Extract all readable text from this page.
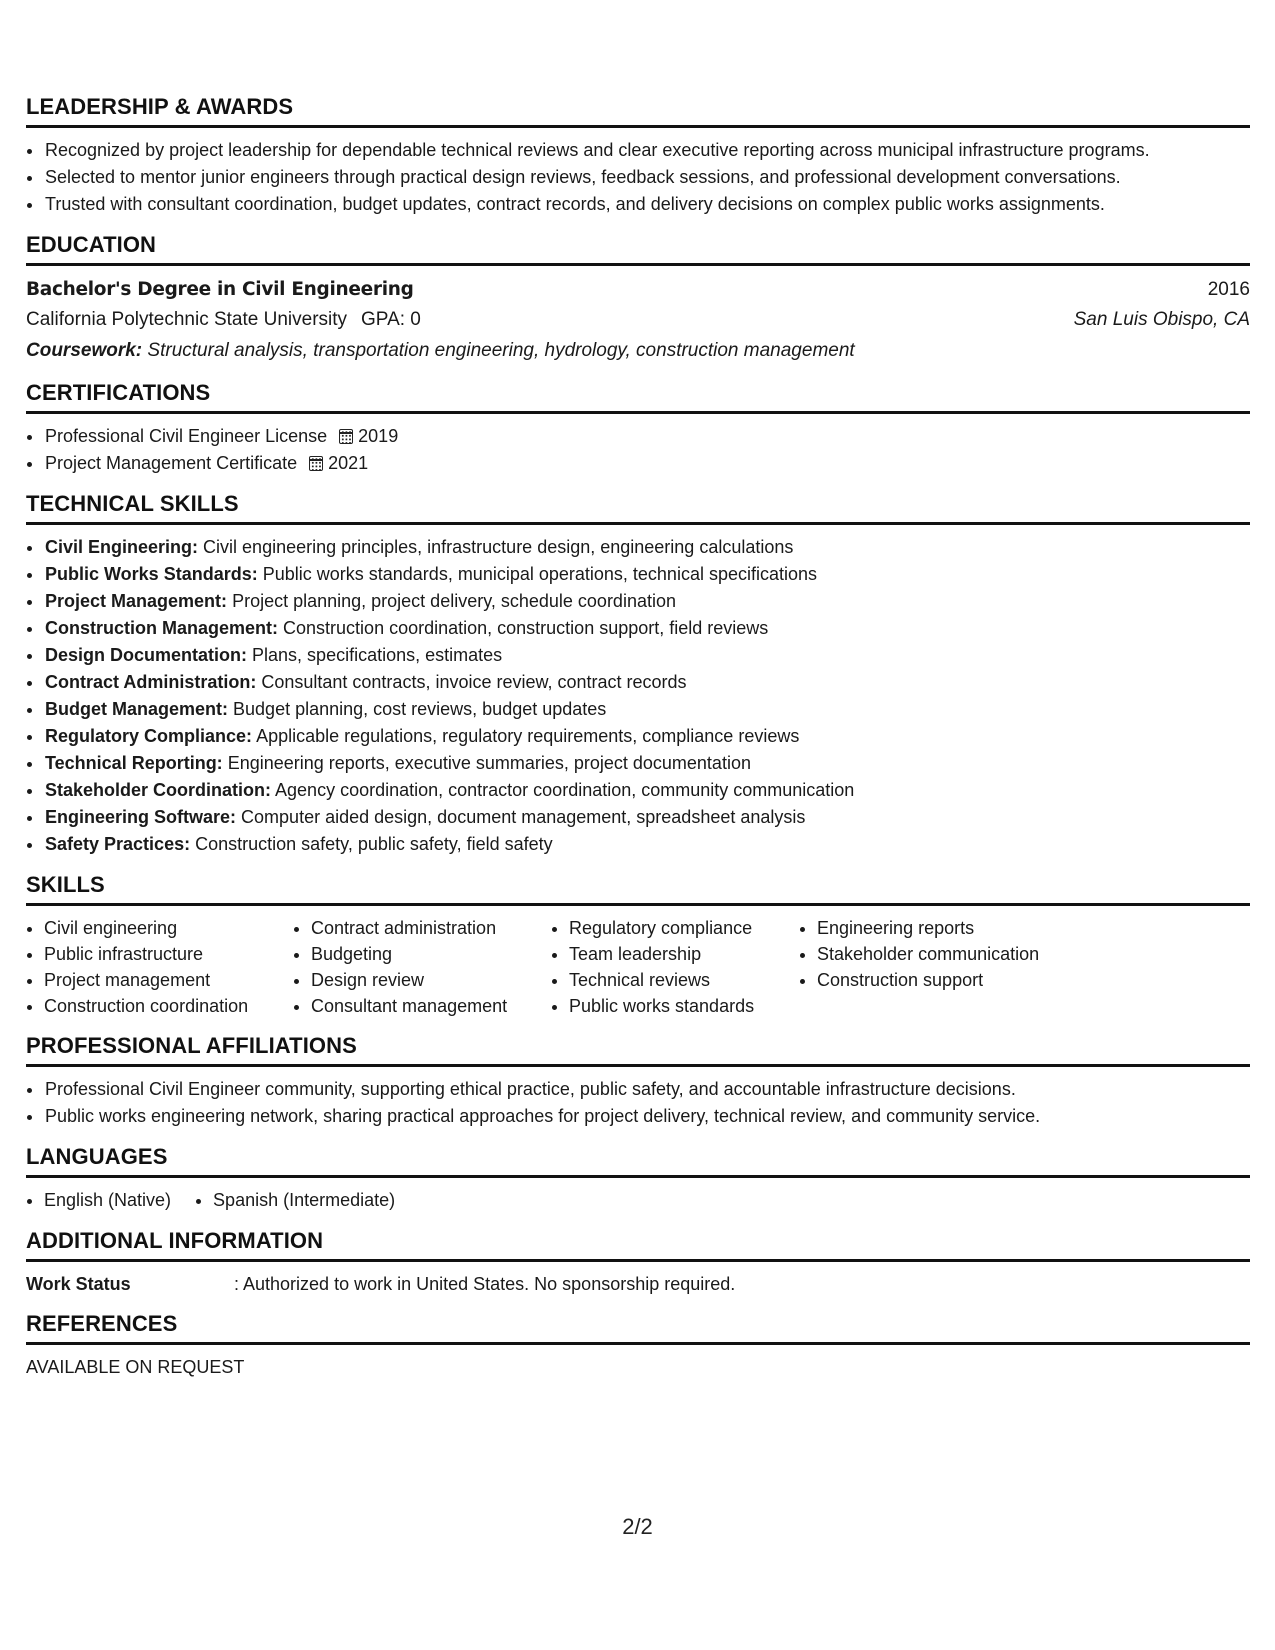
LEADERSHIP & AWARDS
• Recognized by project leadership for dependable technical reviews and clear executive reporting across municipal infrastructure programs.
• Selected to mentor junior engineers through practical design reviews, feedback sessions, and professional development conversations.
• Trusted with consultant coordination, budget updates, contract records, and delivery decisions on complex public works assignments.
EDUCATION
Bachelor's Degree in Civil Engineering	2016
California Polytechnic State University GPA: 0	San Luis Obispo, CA
Coursework: Structural analysis, transportation engineering, hydrology, construction management
CERTIFICATIONS
• Professional Civil Engineer License 2019
• Project Management Certificate 2021
TECHNICAL SKILLS
• Civil Engineering: Civil engineering principles, infrastructure design, engineering calculations
• Public Works Standards: Public works standards, municipal operations, technical specifications
• Project Management: Project planning, project delivery, schedule coordination
• Construction Management: Construction coordination, construction support, field reviews
• Design Documentation: Plans, specifications, estimates
• Contract Administration: Consultant contracts, invoice review, contract records
• Budget Management: Budget planning, cost reviews, budget updates
• Regulatory Compliance: Applicable regulations, regulatory requirements, compliance reviews
• Technical Reporting: Engineering reports, executive summaries, project documentation
• Stakeholder Coordination: Agency coordination, contractor coordination, community communication
• Engineering Software: Computer aided design, document management, spreadsheet analysis
• Safety Practices: Construction safety, public safety, field safety
SKILLS
• Civil engineering
• Public infrastructure
• Project management
• Construction coordination
• Contract administration
• Budgeting
• Design review
• Consultant management
• Regulatory compliance
• Team leadership
• Technical reviews
• Public works standards
• Engineering reports
• Stakeholder communication
• Construction support
PROFESSIONAL AFFILIATIONS
• Professional Civil Engineer community, supporting ethical practice, public safety, and accountable infrastructure decisions.
• Public works engineering network, sharing practical approaches for project delivery, technical review, and community service.
LANGUAGES
• English (Native)
• Spanish (Intermediate)
ADDITIONAL INFORMATION
Work Status	: Authorized to work in United States. No sponsorship required.
REFERENCES
AVAILABLE ON REQUEST
2/2
